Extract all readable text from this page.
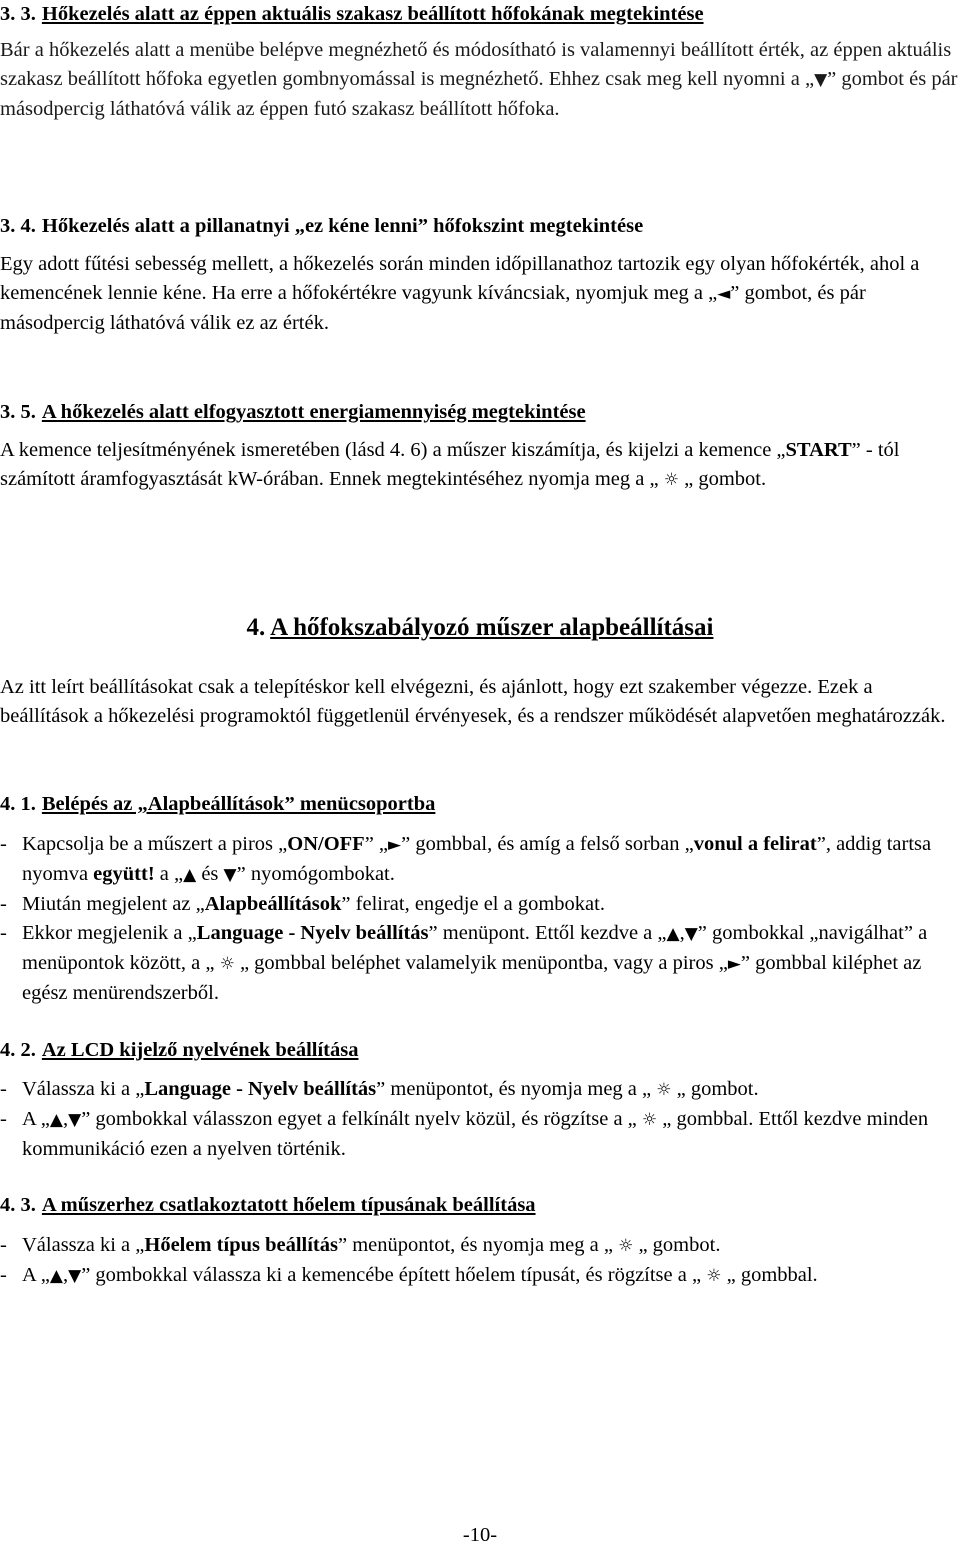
3. 3. Hőkezelés alatt az éppen aktuális szakasz beállított hőfokának megtekintése

Bár a hőkezelés alatt a menübe belépve megnézhető és módosítható is valamennyi beállított érték, az éppen aktuális szakasz beállított hőfoka egyetlen gombnyomással is megnézhető. Ehhez csak meg kell nyomni a „▼” gombot és pár másodpercig láthatóvá válik az éppen futó szakasz beállított hőfoka.

3. 4. Hőkezelés alatt a pillanatnyi „ez kéne lenni” hőfokszint megtekintése

Egy adott fűtési sebesség mellett, a hőkezelés során minden időpillanathoz tartozik egy olyan hőfokérték, ahol a kemencének lennie kéne. Ha erre a hőfokértékre vagyunk kíváncsiak, nyomjuk meg a „◄” gombot, és pár másodpercig láthatóvá válik ez az érték.

3. 5. A hőkezelés alatt elfogyasztott energiamennyiség megtekintése

A kemence teljesítményének ismeretében (lásd 4. 6) a műszer kiszámítja, és kijelzi a kemence „START” - tól számított áramfogyasztását kW-órában. Ennek megtekintéséhez nyomja meg a „ ☼ „ gombot.

4. A hőfokszabályozó műszer alapbeállításai

Az itt leírt beállításokat csak a telepítéskor kell elvégezni, és ajánlott, hogy ezt szakember végezze. Ezek a beállítások a hőkezelési programoktól függetlenül érvényesek, és a rendszer működését alapvetően meghatározzák.

4. 1. Belépés az „Alapbeállítások” menücsoportba
- Kapcsolja be a műszert a piros „ON/OFF” „►” gombbal, és amíg a felső sorban „vonul a felirat”, addig tartsa nyomva együtt! a „▲ és ▼” nyomógombokat.
- Miután megjelent az „Alapbeállítások” felirat, engedje el a gombokat.
- Ekkor megjelenik a „Language - Nyelv beállítás” menüpont. Ettől kezdve a „▲,▼” gombokkal „navigálhat” a menüpontok között, a „ ☼ „ gombbal beléphet valamelyik menüpontba, vagy a piros „►” gombbal kiléphet az egész menürendszerből.
4. 2. Az LCD kijelző nyelvének beállítása
- Válassza ki a „Language - Nyelv beállítás” menüpontot, és nyomja meg a „ ☼ „ gombot.
- A „▲,▼” gombokkal válasszon egyet a felkínált nyelv közül, és rögzítse a „ ☼ „ gombbal. Ettől kezdve minden kommunikáció ezen a nyelven történik.
4. 3. A műszerhez csatlakoztatott hőelem típusának beállítása
- Válassza ki a „Hőelem típus beállítás” menüpontot, és nyomja meg a „ ☼ „ gombot.
- A „▲,▼” gombokkal válassza ki a kemencébe épített hőelem típusát, és rögzítse a „ ☼ „ gombbal.
-10-
